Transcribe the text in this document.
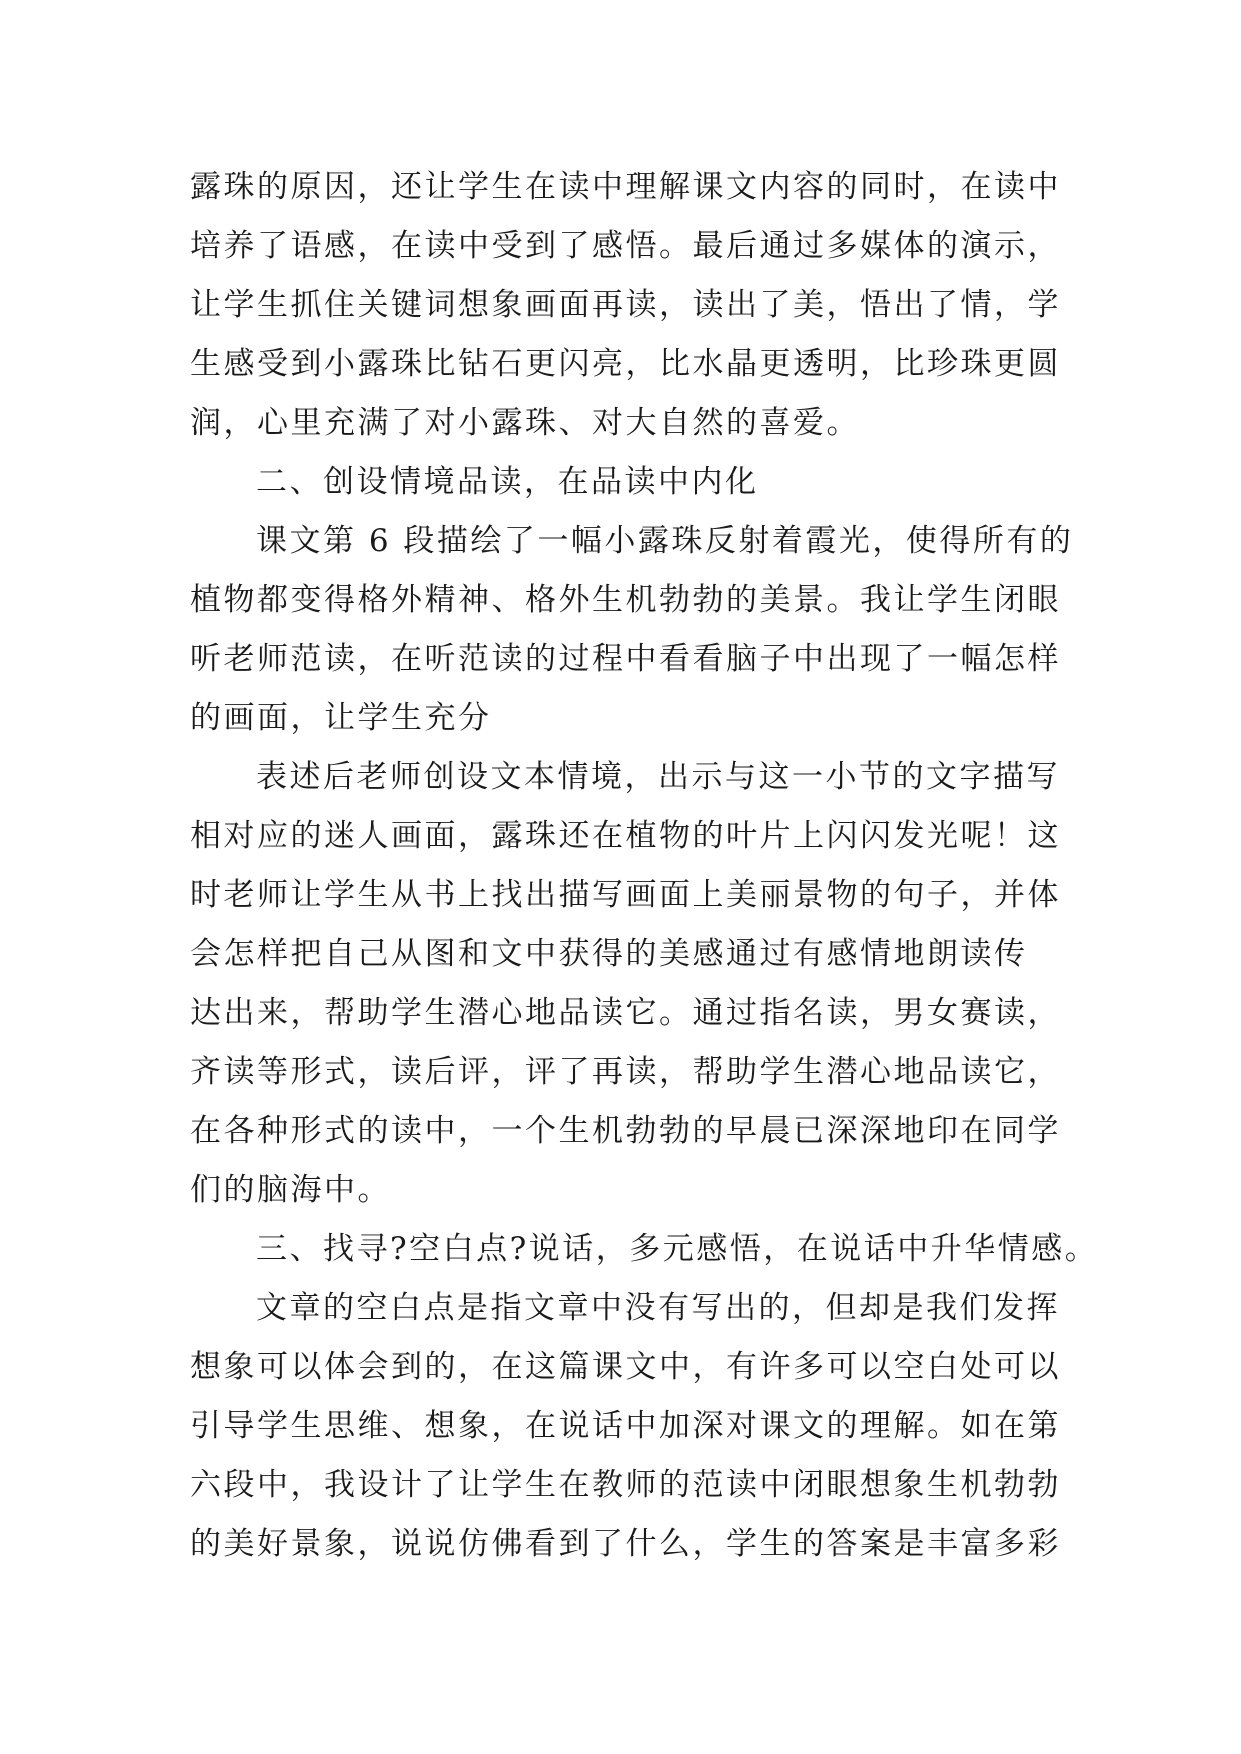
露珠的原因，还让学生在读中理解课文内容的同时，在读中
培养了语感，在读中受到了感悟。最后通过多媒体的演示，
让学生抓住关键词想象画面再读，读出了美，悟出了情，学
生感受到小露珠比钻石更闪亮，比水晶更透明，比珍珠更圆
润，心里充满了对小露珠、对大自然的喜爱。
二、创设情境品读，在品读中内化
课文第 6 段描绘了一幅小露珠反射着霞光，使得所有的
植物都变得格外精神、格外生机勃勃的美景。我让学生闭眼
听老师范读，在听范读的过程中看看脑子中出现了一幅怎样
的画面，让学生充分
表述后老师创设文本情境，出示与这一小节的文字描写
相对应的迷人画面，露珠还在植物的叶片上闪闪发光呢！这
时老师让学生从书上找出描写画面上美丽景物的句子，并体
会怎样把自己从图和文中获得的美感通过有感情地朗读传
达出来，帮助学生潜心地品读它。通过指名读，男女赛读，
齐读等形式，读后评，评了再读，帮助学生潜心地品读它，
在各种形式的读中，一个生机勃勃的早晨已深深地印在同学
们的脑海中。
三、找寻?空白点?说话，多元感悟，在说话中升华情感。
文章的空白点是指文章中没有写出的，但却是我们发挥
想象可以体会到的，在这篇课文中，有许多可以空白处可以
引导学生思维、想象，在说话中加深对课文的理解。如在第
六段中，我设计了让学生在教师的范读中闭眼想象生机勃勃
的美好景象，说说仿佛看到了什么，学生的答案是丰富多彩
